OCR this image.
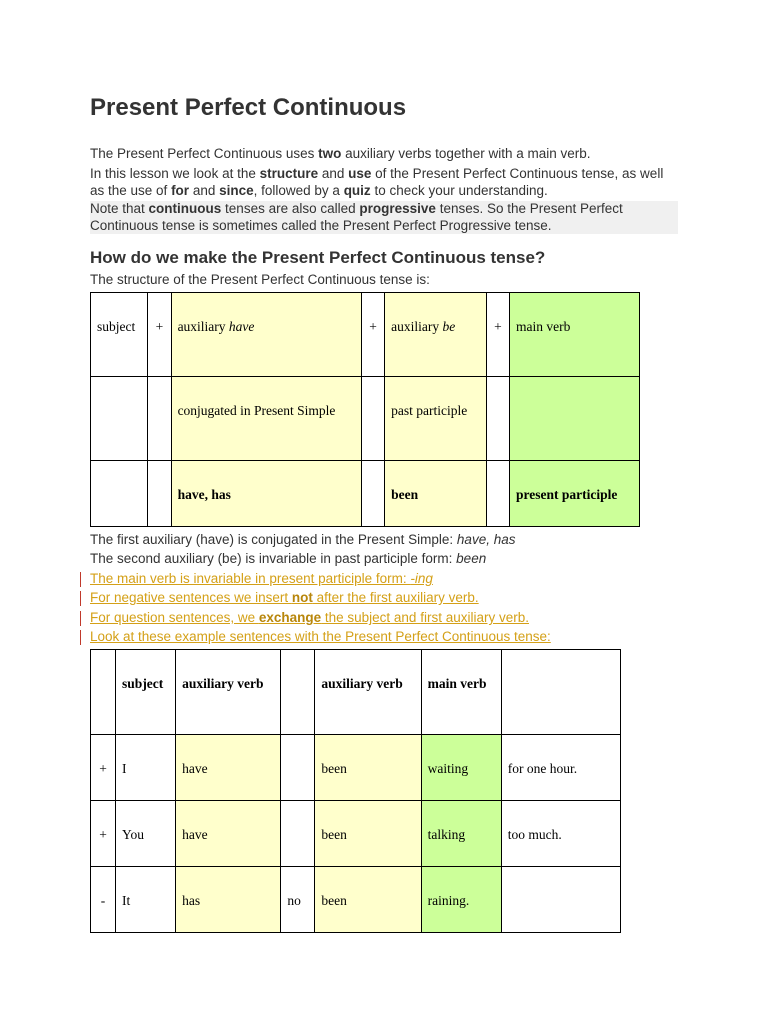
Present Perfect Continuous

The Present Perfect Continuous uses two auxiliary verbs together with a main verb.

In this lesson we look at the structure and use of the Present Perfect Continuous tense, as well as the use of for and since, followed by a quiz to check your understanding.

Note that continuous tenses are also called progressive tenses. So the Present Perfect Continuous tense is sometimes called the Present Perfect Progressive tense.

How do we make the Present Perfect Continuous tense?

The structure of the Present Perfect Continuous tense is:

subject	+	auxiliary have	+	auxiliary be	+	main verb
		conjugated in Present Simple		past participle		
		have, has		been		present participle

The first auxiliary (have) is conjugated in the Present Simple: have, has

The second auxiliary (be) is invariable in past participle form: been

The main verb is invariable in present participle form: -ing
For negative sentences we insert not after the first auxiliary verb.
For question sentences, we exchange the subject and first auxiliary verb.
Look at these example sentences with the Present Perfect Continuous tense:
	subject	auxiliary verb		auxiliary verb	main verb	
+	I	have		been	waiting	for one hour.
+	You	have		been	talking	too much.
-	It	has	no	been	raining.	
